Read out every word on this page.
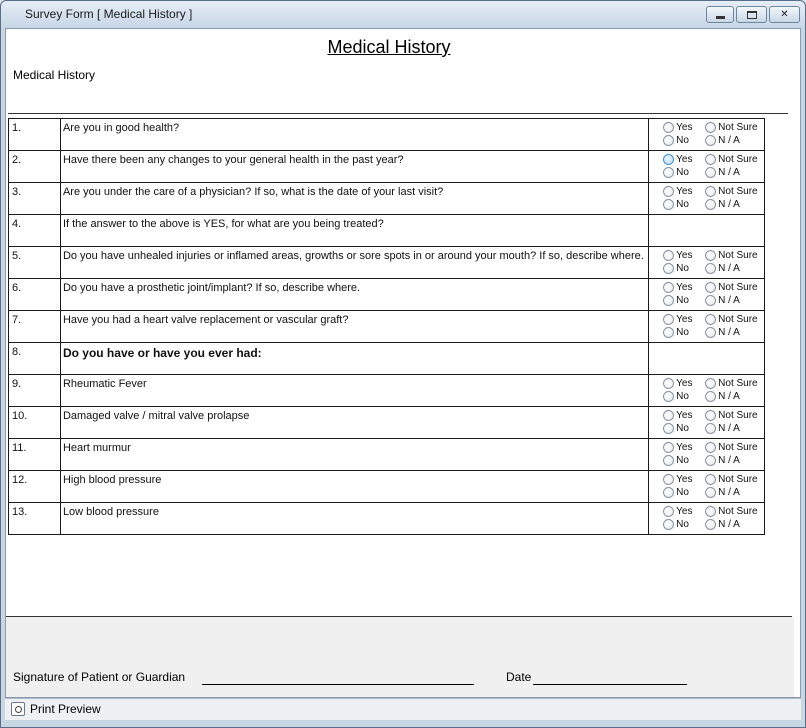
Survey Form [ Medical History ]	✕
Medical History
Medical History
1.	Are you in good health?	Yes Not Sure
No N / A

2.	Have there been any changes to your general health in the past year?	Yes Not Sure
No N / A

3.	Are you under the care of a physician? If so, what is the date of your last visit?	Yes Not Sure
No N / A

4.	If the answer to the above is YES, for what are you being treated?	
5.	Do you have unhealed injuries or inflamed areas, growths or sore spots in or around your mouth? If so, describe where.	Yes Not Sure
No N / A

6.	Do you have a prosthetic joint/implant? If so, describe where.	Yes Not Sure
No N / A

7.	Have you had a heart valve replacement or vascular graft?	Yes Not Sure
No N / A

8.	Do you have or have you ever had:	
9.	Rheumatic Fever	Yes Not Sure
No N / A

10.	Damaged valve / mitral valve prolapse	Yes Not Sure
No N / A

11.	Heart murmur	Yes Not Sure
No N / A

12.	High blood pressure	Yes Not Sure
No N / A

13.	Low blood pressure	Yes Not Sure
No N / A
Signature of Patient or Guardian	Date
Print Preview
